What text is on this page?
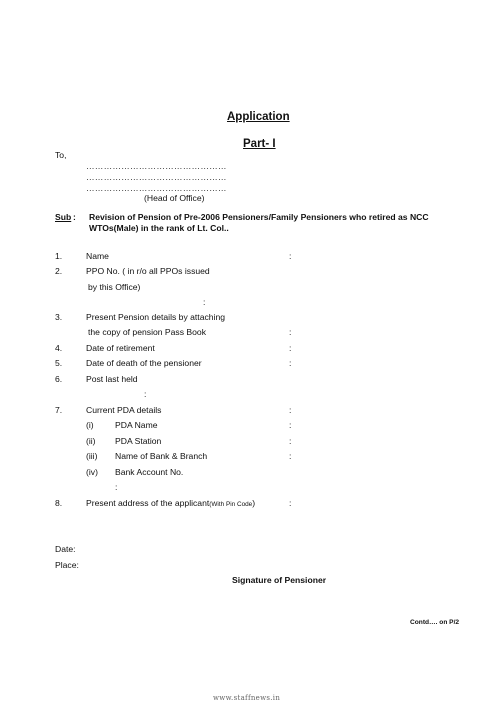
Application
Part- I
To,
…………………………………………
…………………………………………
…………………………………………
(Head of Office)
Sub : Revision of Pension of Pre-2006 Pensioners/Family Pensioners who retired as NCC
WTOs(Male) in the rank of Lt. Col..
1.	Name	:
2.	PPO No. ( in r/o all PPOs issued
by this Office)
:
3.	Present Pension details by attaching
the copy of pension Pass Book	:
4.	Date of retirement	:
5.	Date of death of the pensioner	:
6.	Post last held
:
7.	Current PDA details	:
(i) PDA Name	:
(ii) PDA Station	:
(iii) Name of Bank & Branch	:
(iv) Bank Account No.
:
8.	Present address of the applicant(With Pin Code)	:
Date:
Place:
Signature of Pensioner
Contd…. on P/2
www.staffnews.in
